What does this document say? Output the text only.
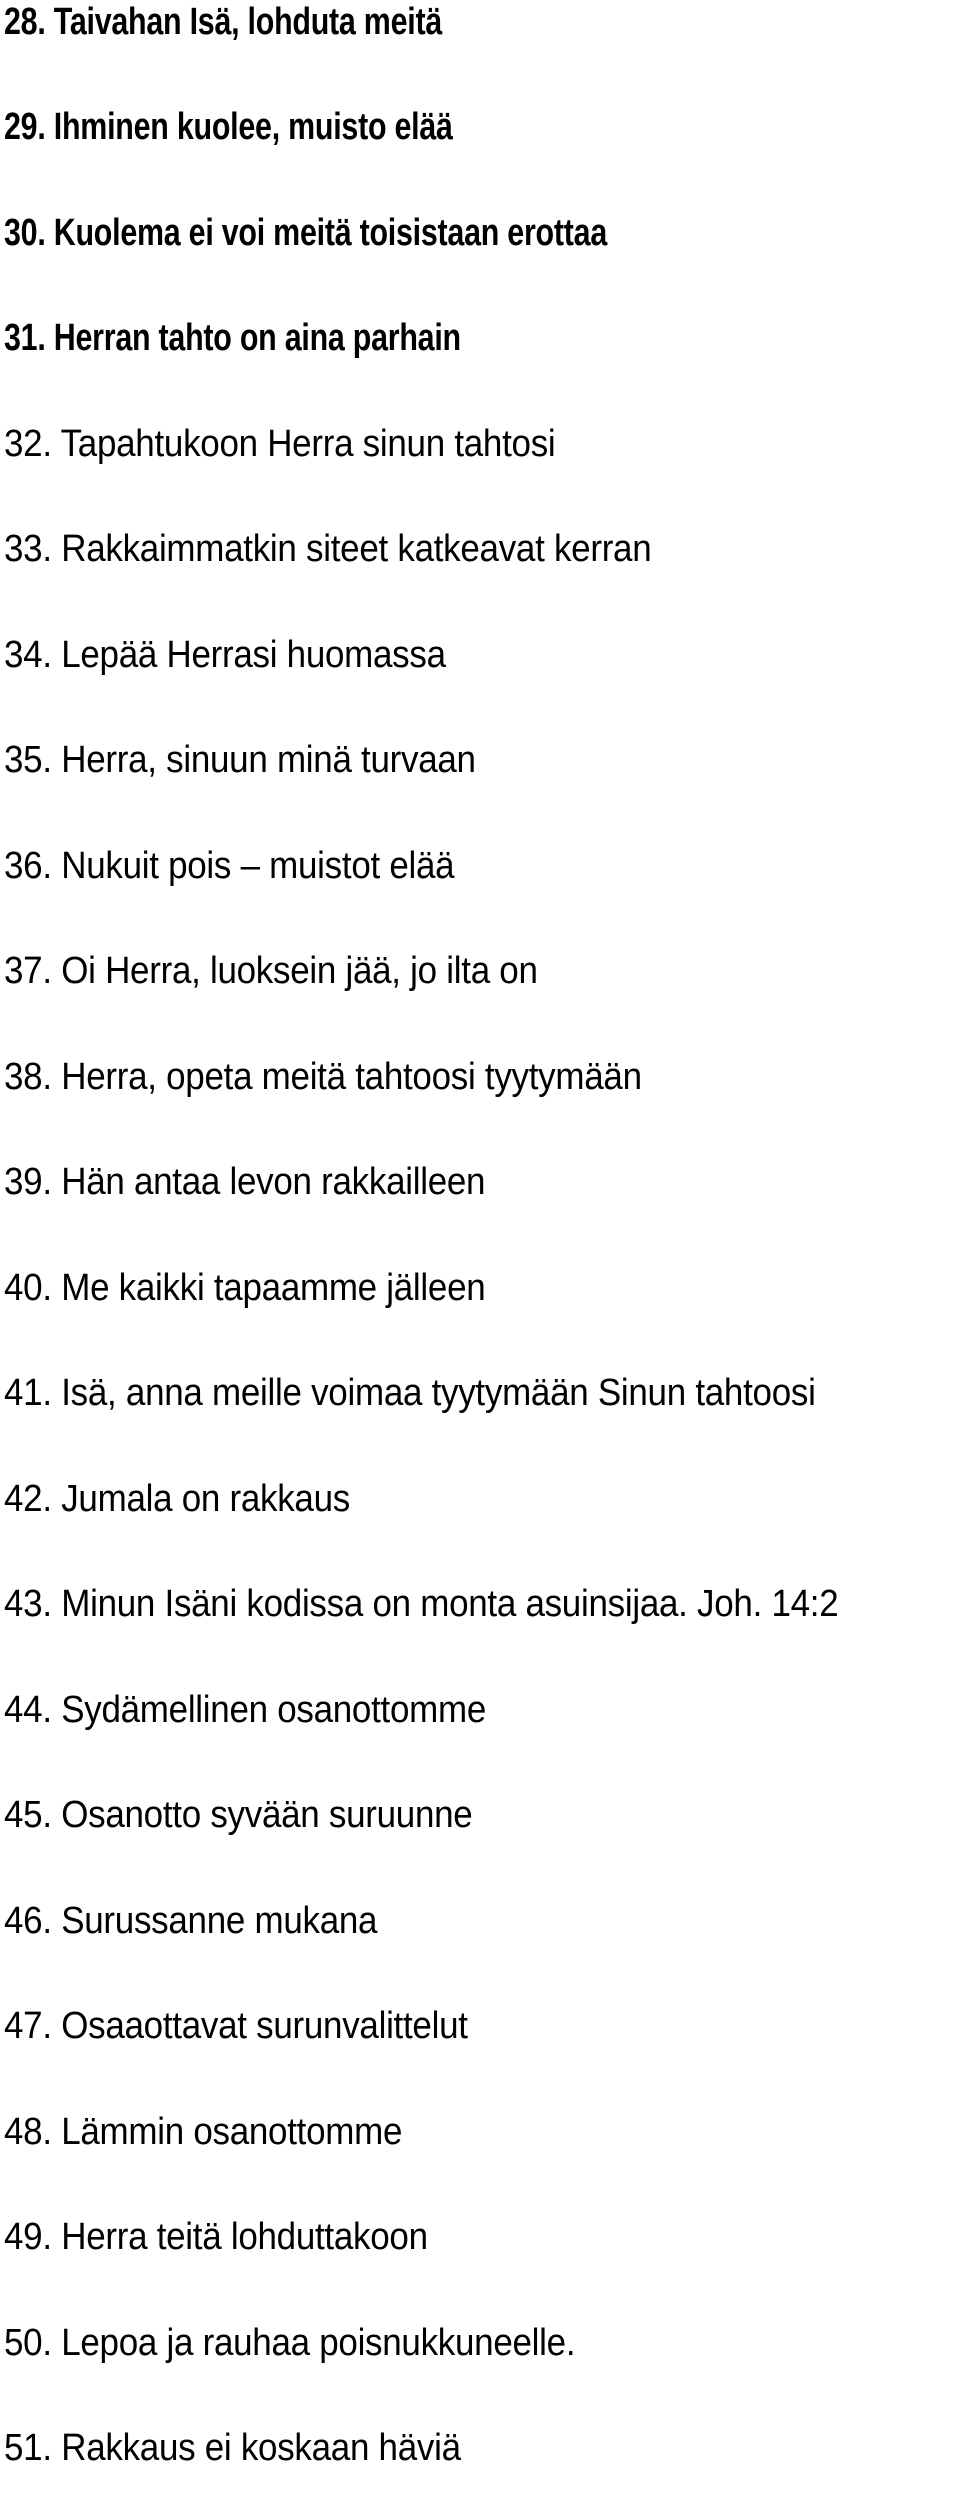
28. Taivahan Isä, lohduta meitä
29. Ihminen kuolee, muisto elää
30. Kuolema ei voi meitä toisistaan erottaa
31. Herran tahto on aina parhain
32. Tapahtukoon Herra sinun tahtosi
33. Rakkaimmatkin siteet katkeavat kerran
34. Lepää Herrasi huomassa
35. Herra, sinuun minä turvaan
36. Nukuit pois – muistot elää
37. Oi Herra, luoksein jää, jo ilta on
38. Herra, opeta meitä tahtoosi tyytymään
39. Hän antaa levon rakkailleen
40. Me kaikki tapaamme jälleen
41. Isä, anna meille voimaa tyytymään Sinun tahtoosi
42. Jumala on rakkaus
43. Minun Isäni kodissa on monta asuinsijaa. Joh. 14:2
44. Sydämellinen osanottomme
45. Osanotto syvään suruunne
46. Surussanne mukana
47. Osaaottavat surunvalittelut
48. Lämmin osanottomme
49. Herra teitä lohduttakoon
50. Lepoa ja rauhaa poisnukkuneelle.
51. Rakkaus ei koskaan häviä
